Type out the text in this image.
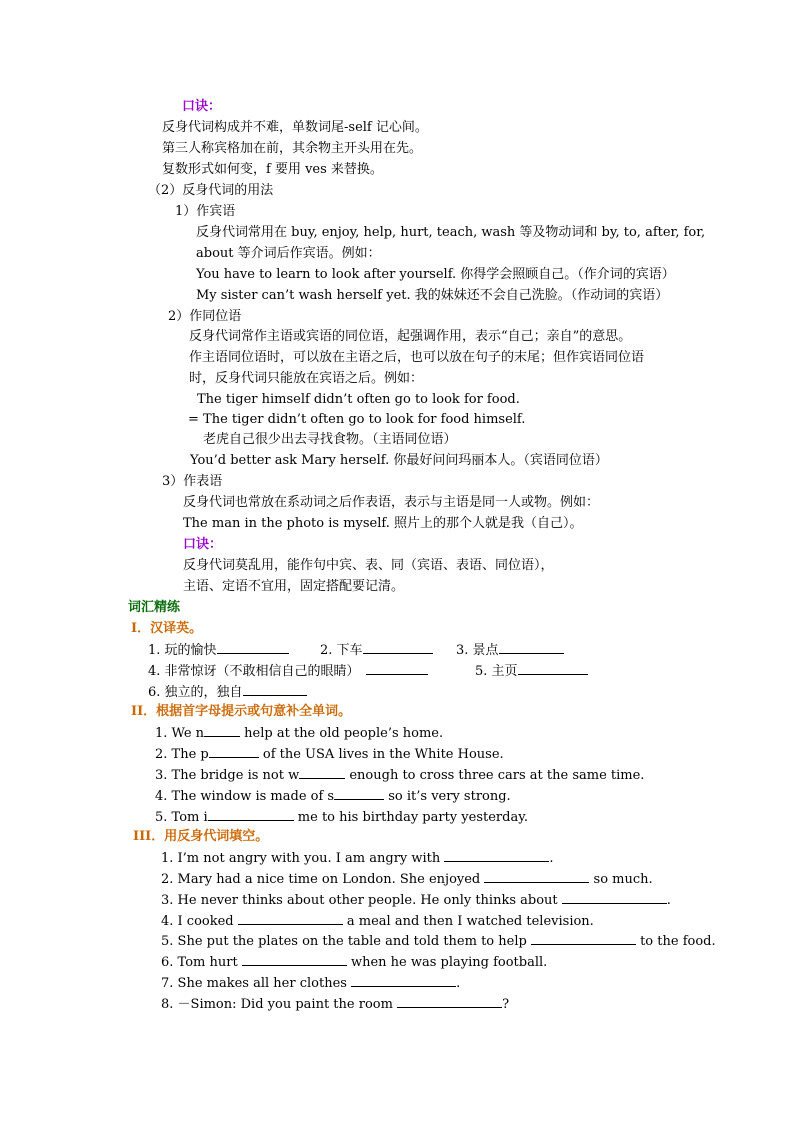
口诀：
反身代词构成并不难，单数词尾-self 记心间。
第三人称宾格加在前，其余物主开头用在先。
复数形式如何变，f 要用 ves 来替换。
（2）反身代词的用法
1）作宾语
反身代词常用在 buy, enjoy, help, hurt, teach, wash 等及物动词和 by, to, after, for,
about 等介词后作宾语。例如：
You have to learn to look after yourself. 你得学会照顾自己。（作介词的宾语）
My sister can’t wash herself yet. 我的妹妹还不会自己洗脸。（作动词的宾语）
2）作同位语
反身代词常作主语或宾语的同位语，起强调作用，表示“自己；亲自”的意思。
作主语同位语时，可以放在主语之后，也可以放在句子的末尾；但作宾语同位语
时，反身代词只能放在宾语之后。例如：
The tiger himself didn’t often go to look for food.
= The tiger didn’t often go to look for food himself.
老虎自己很少出去寻找食物。（主语同位语）
You’d better ask Mary herself. 你最好问问玛丽本人。（宾语同位语）
3）作表语
反身代词也常放在系动词之后作表语，表示与主语是同一人或物。例如：
The man in the photo is myself. 照片上的那个人就是我（自己）。
口诀：
反身代词莫乱用，能作句中宾、表、同（宾语、表语、同位语），
主语、定语不宜用，固定搭配要记清。
词汇精练
I．汉译英。
1. 玩的愉快	2. 下车	3. 景点
4. 非常惊讶（不敢相信自己的眼睛）	5. 主页
6. 独立的，独自
II．根据首字母提示或句意补全单词。
1. We n	help at the old people’s home.
2. The p	of the USA lives in the White House.
3. The bridge is not w	enough to cross three cars at the same time.
4. The window is made of s	so it’s very strong.
5. Tom i	me to his birthday party yesterday.
III．用反身代词填空。
1. I’m not angry with you. I am angry with	.
2. Mary had a nice time on London. She enjoyed	so much.
3. He never thinks about other people. He only thinks about	.
4. I cooked	a meal and then I watched television.
5. She put the plates on the table and told them to help	to the food.
6. Tom hurt	when he was playing football.
7. She makes all her clothes	.
8. －Simon: Did you paint the room	?
